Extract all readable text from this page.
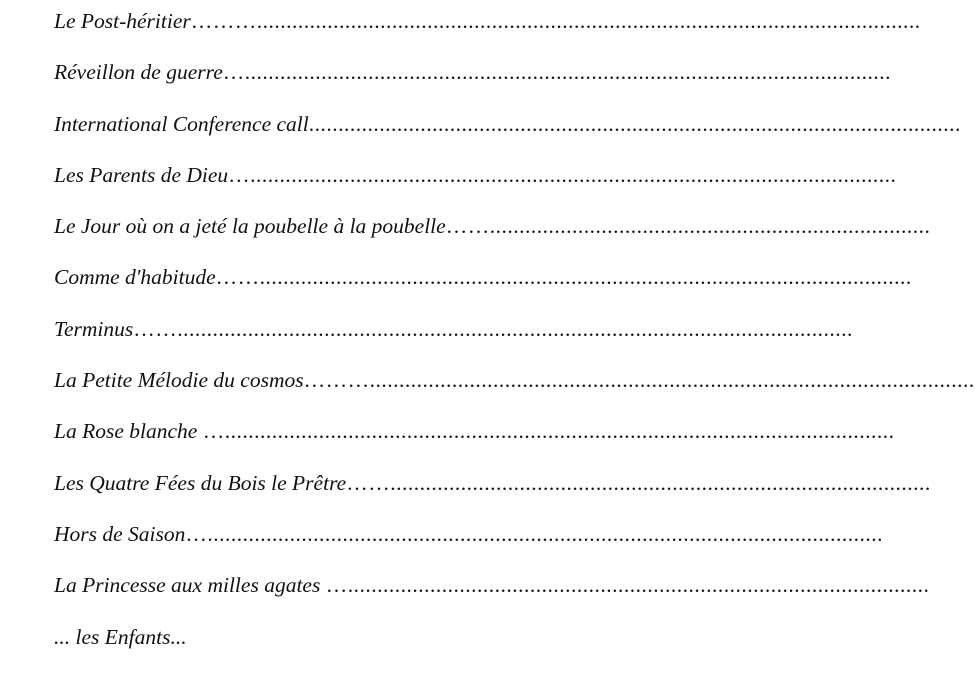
Le Post-héritier……….................................................................................................................
Réveillon de guerre…..............................................................................................................
International Conference call...............................................................................................................
Les Parents de Dieu…..............................................................................................................
Le Jour où on a jeté la poubelle à la poubelle……...........................................................................
Comme d'habitude……...............................................................................................................
Terminus……...................................................................................................................
La Petite Mélodie du cosmos……….......................................................................................................
La Rose blanche …..................................................................................................................
Les Quatre Fées du Bois le Prêtre……............................................................................................
Hors de Saison…...................................................................................................................
La Princesse aux milles agates …...................................................................................................
... les Enfants...
